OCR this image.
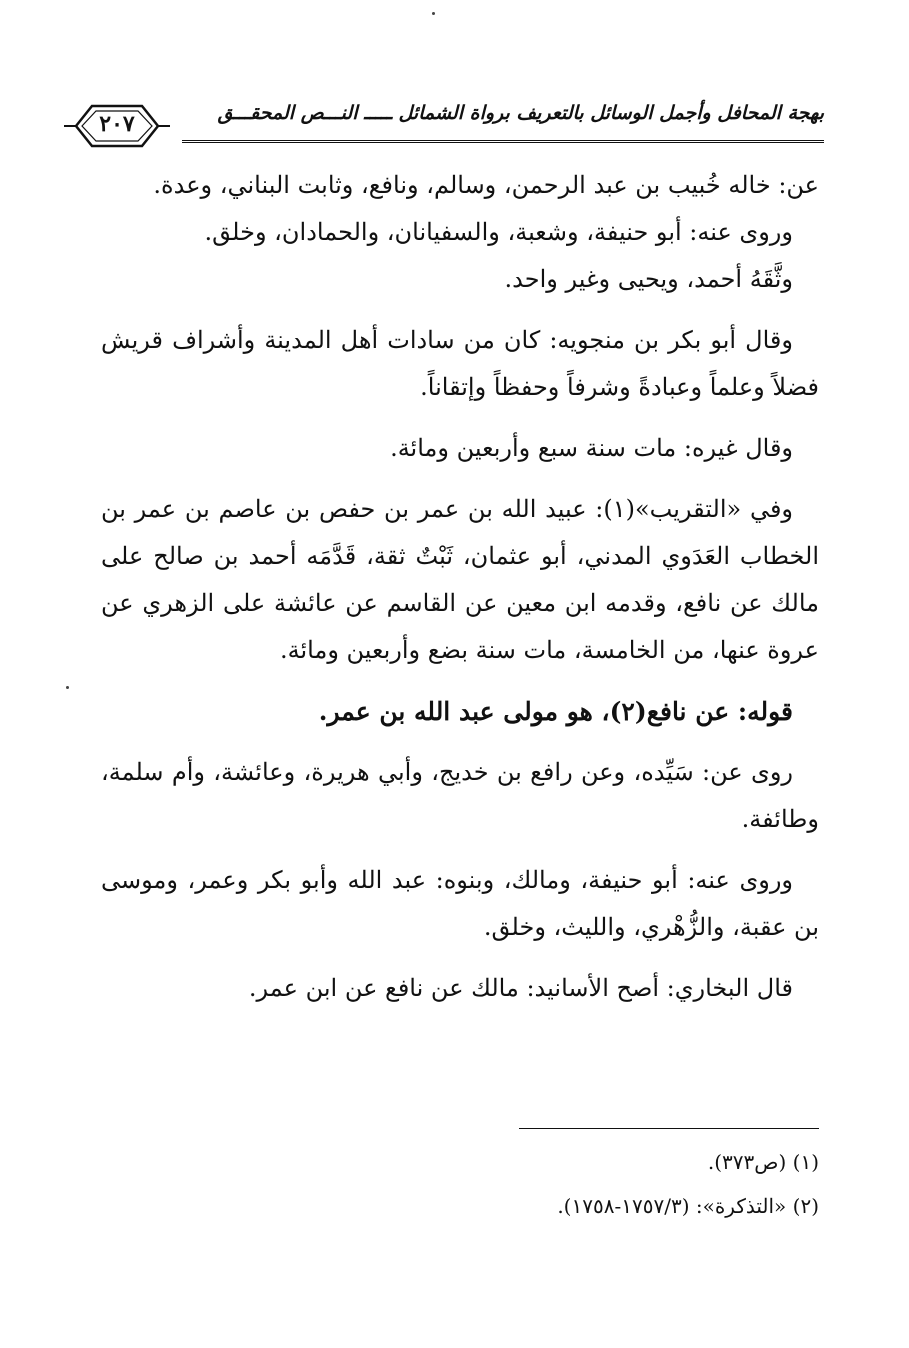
بهجة المحافل وأجمل الوسائل بالتعريف برواة الشمائل ـــــ النـــص المحقـــق
٢٠٧

عن: خاله خُبيب بن عبد الرحمن، وسالم، ونافع، وثابت البناني، وعدة.

وروى عنه: أبو حنيفة، وشعبة، والسفيانان، والحمادان، وخلق.

وثَّقَهُ أحمد، ويحيى وغير واحد.

وقال أبو بكر بن منجويه: كان من سادات أهل المدينة وأشراف قريش فضلاً وعلماً وعبادةً وشرفاً وحفظاً وإتقاناً.

وقال غيره: مات سنة سبع وأربعين ومائة.

وفي «التقريب»(١): عبيد الله بن عمر بن حفص بن عاصم بن عمر بن الخطاب العَدَوي المدني، أبو عثمان، ثَبْتٌ ثقة، قَدَّمَه أحمد بن صالح على مالك عن نافع، وقدمه ابن معين عن القاسم عن عائشة على الزهري عن عروة عنها، من الخامسة، مات سنة بضع وأربعين ومائة.

قوله: عن نافع(٢)، هو مولى عبد الله بن عمر.

روى عن: سَيِّده، وعن رافع بن خديج، وأبي هريرة، وعائشة، وأم سلمة، وطائفة.

وروى عنه: أبو حنيفة، ومالك، وبنوه: عبد الله وأبو بكر وعمر، وموسى بن عقبة، والزُّهْري، والليث، وخلق.

قال البخاري: أصح الأسانيد: مالك عن نافع عن ابن عمر.

(١) (ص٣٧٣).

(٢) «التذكرة»: (١٧٥٧/٣-١٧٥٨).
